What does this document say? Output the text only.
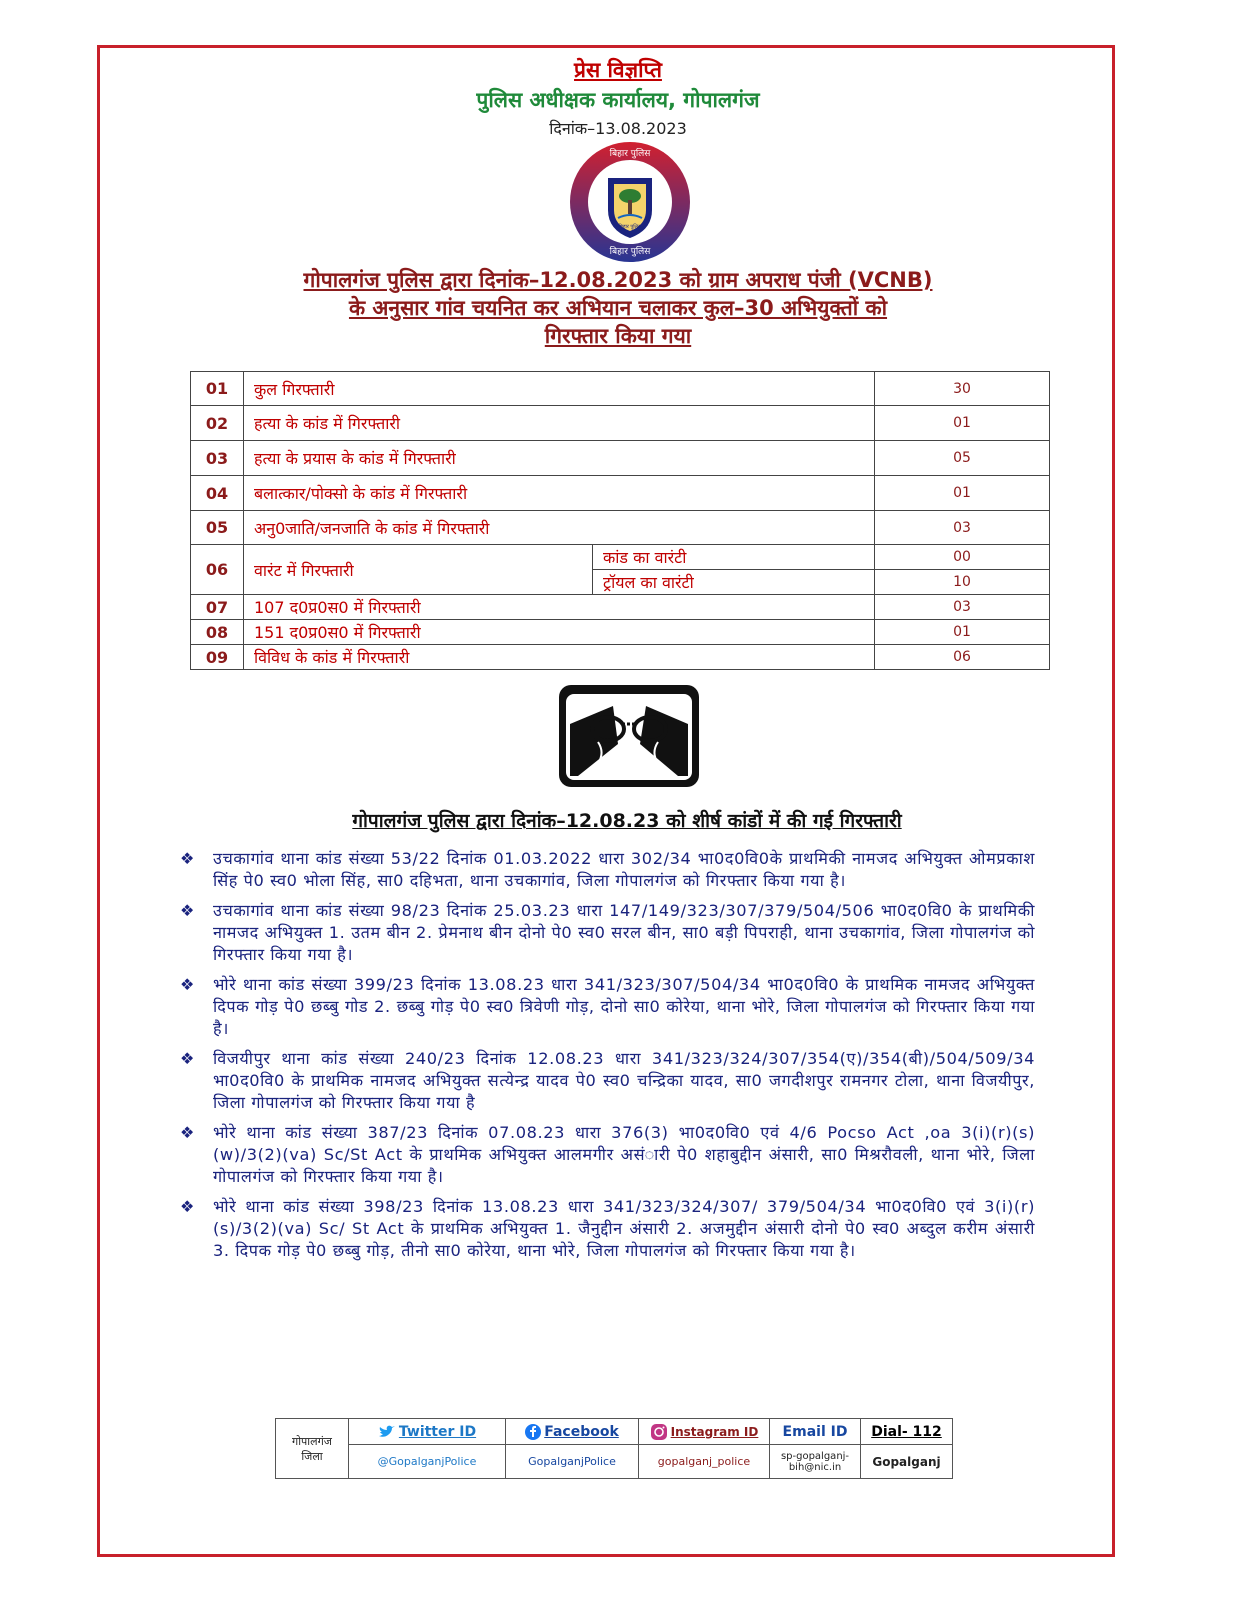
प्रेस विज्ञप्ति
पुलिस अधीक्षक कार्यालय, गोपालगंज
दिनांक–13.08.2023
बिहार पुलिस
बिहार पुलिस
बिहार पुलिस
गोपालगंज पुलिस द्वारा दिनांक–12.08.2023 को ग्राम अपराध पंजी (VCNB)
के अनुसार गांव चयनित कर अभियान चलाकर कुल–30 अभियुक्तों को
गिरफ्तार किया गया
01	कुल गिरफ्तारी		30
02	हत्या के कांड में गिरफ्तारी		01
03	हत्या के प्रयास के कांड में गिरफ्तारी		05
04	बलात्कार/पोक्सो के कांड में गिरफ्तारी		01
05	अनु0जाति/जनजाति के कांड में गिरफ्तारी		03
06	वारंट में गिरफ्तारी	कांड का वारंटी	00
		ट्रॉयल का वारंटी	10
07	107 द0प्र0स0 में गिरफ्तारी		03
08	151 द0प्र0स0 में गिरफ्तारी		01
09	विविध के कांड में गिरफ्तारी		06
गोपालगंज पुलिस द्वारा दिनांक–12.08.23 को शीर्ष कांडों में की गई गिरफ्तारी
❖ उचकागांव थाना कांड संख्या 53/22 दिनांक 01.03.2022 धारा 302/34 भा0द0वि0के प्राथमिकी नामजद अभियुक्त ओमप्रकाश सिंह पे0 स्व0 भोला सिंह, सा0 दहिभता, थाना उचकागांव, जिला गोपालगंज को गिरफ्तार किया गया है।
❖ उचकागांव थाना कांड संख्या 98/23 दिनांक 25.03.23 धारा 147/149/323/307/379/504/506 भा0द0वि0 के प्राथमिकी नामजद अभियुक्त 1. उतम बीन 2. प्रेमनाथ बीन दोनो पे0 स्व0 सरल बीन, सा0 बड़ी पिपराही, थाना उचकागांव, जिला गोपालगंज को गिरफ्तार किया गया है।
❖ भोरे थाना कांड संख्या 399/23 दिनांक 13.08.23 धारा 341/323/307/504/34 भा0द0वि0 के प्राथमिक नामजद अभियुक्त दिपक गोड़ पे0 छब्बु गोड 2. छब्बु गोड़ पे0 स्व0 त्रिवेणी गोड़, दोनो सा0 कोरेया, थाना भोरे, जिला गोपालगंज को गिरफ्तार किया गया है।
❖ विजयीपुर थाना कांड संख्या 240/23 दिनांक 12.08.23 धारा 341/323/324/307/354(ए)/354(बी)/504/509/34 भा0द0वि0 के प्राथमिक नामजद अभियुक्त सत्येन्द्र यादव पे0 स्व0 चन्द्रिका यादव, सा0 जगदीशपुर रामनगर टोला, थाना विजयीपुर, जिला गोपालगंज को गिरफ्तार किया गया है
❖ भोरे थाना कांड संख्या 387/23 दिनांक 07.08.23 धारा 376(3) भा0द0वि0 एवं 4/6 Pocso Act ,oa 3(i)(r)(s)(w)/3(2)(va) Sc/St Act के प्राथमिक अभियुक्त आलमगीर असंारी पे0 शहाबुद्दीन अंसारी, सा0 मिश्ररौवली, थाना भोरे, जिला गोपालगंज को गिरफ्तार किया गया है।
❖ भोरे थाना कांड संख्या 398/23 दिनांक 13.08.23 धारा 341/323/324/307/ 379/504/34 भा0द0वि0 एवं 3(i)(r)(s)/3(2)(va) Sc/ St Act के प्राथमिक अभियुक्त 1. जैनुद्दीन अंसारी 2. अजमुद्दीन अंसारी दोनो पे0 स्व0 अब्दुल करीम अंसारी 3. दिपक गोड़ पे0 छब्बु गोड़, तीनो सा0 कोरेया, थाना भोरे, जिला गोपालगंज को गिरफ्तार किया गया है।
गोपालगंज
जिला	Twitter ID	Facebook	Instagram ID	Email ID	Dial- 112
	@GopalganjPolice	GopalganjPolice	gopalganj_police	sp-gopalganj-bih@nic.in	Gopalganj
